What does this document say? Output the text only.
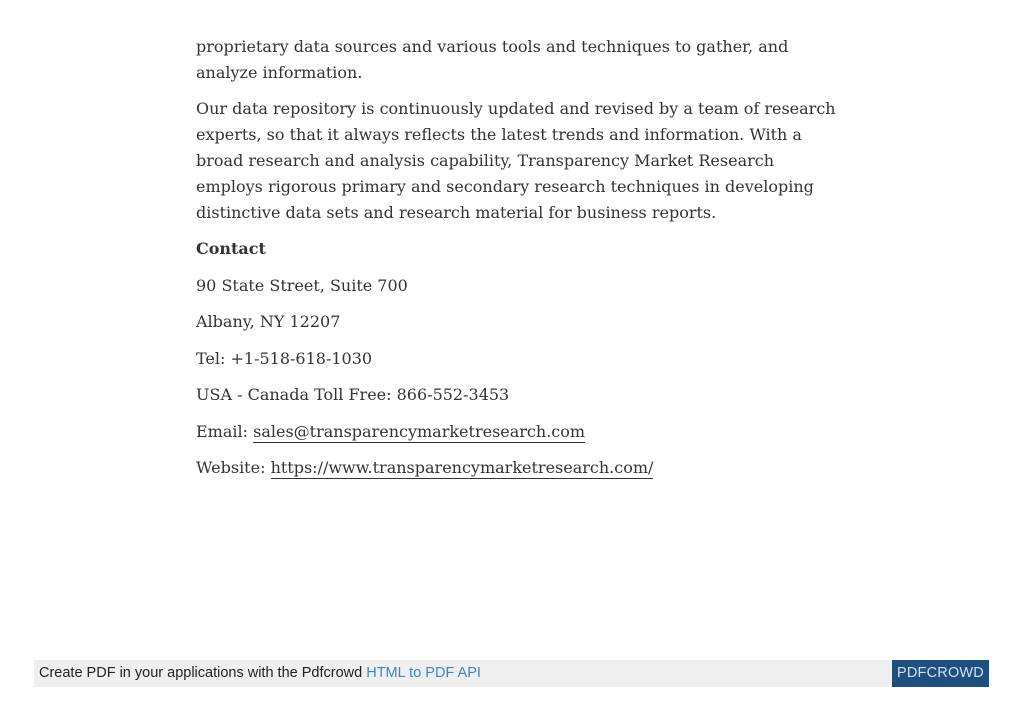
proprietary data sources and various tools and techniques to gather, and analyze information.

Our data repository is continuously updated and revised by a team of research experts, so that it always reflects the latest trends and information. With a broad research and analysis capability, Transparency Market Research employs rigorous primary and secondary research techniques in developing distinctive data sets and research material for business reports.

Contact

90 State Street, Suite 700

Albany, NY 12207

Tel: +1-518-618-1030

USA - Canada Toll Free: 866-552-3453

Email: sales@transparencymarketresearch.com

Website: https://www.transparencymarketresearch.com/

Create PDF in your applications with the Pdfcrowd HTML to PDF API	PDFCROWD
